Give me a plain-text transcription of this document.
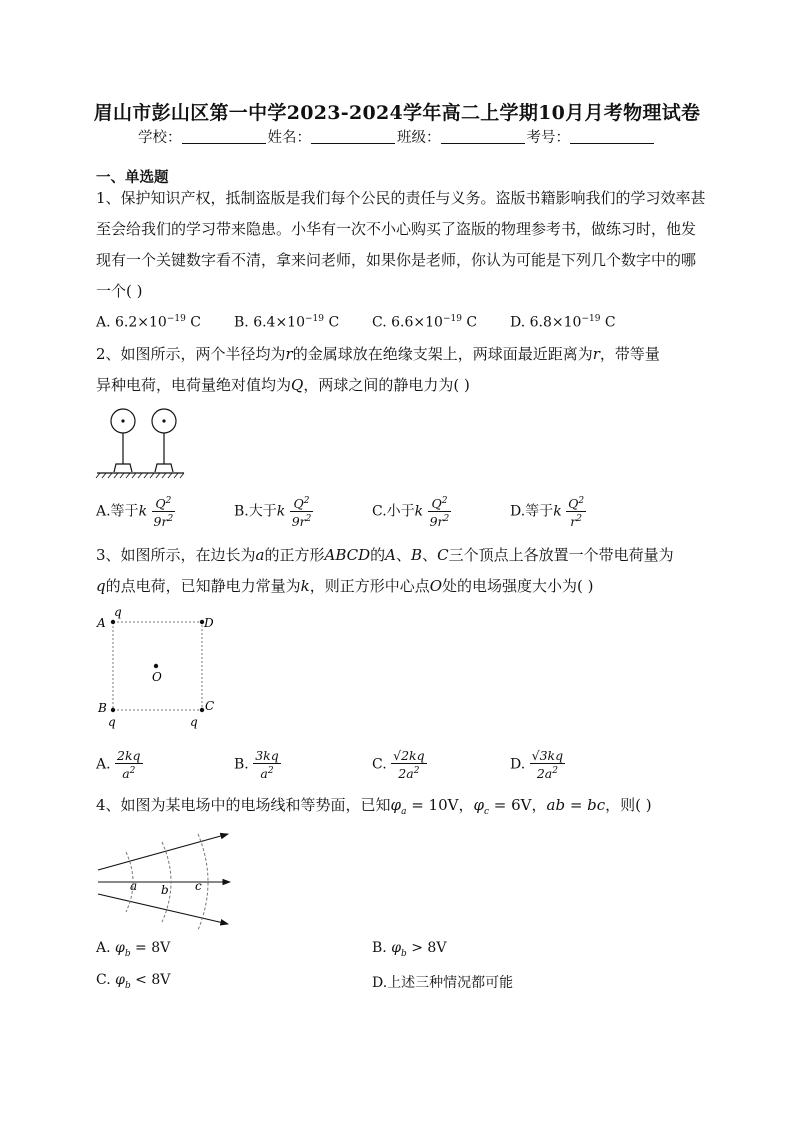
眉山市彭山区第一中学2023-2024学年高二上学期10月月考物理试卷
学校：	姓名：	班级：	考号：
一、单选题
1、保护知识产权，抵制盗版是我们每个公民的责任与义务。盗版书籍影响我们的学习效率甚至会给我们的学习带来隐患。小华有一次不小心购买了盗版的物理参考书，做练习时，他发现有一个关键数字看不清，拿来问老师，如果你是老师，你认为可能是下列几个数字中的哪一个( )
A. $6.2\times 10^{-19}$ C B. $6.4\times 10^{-19}$ C C. $6.6\times 10^{-19}$ C D. $6.8\times 10^{-19}$ C
2、如图所示，两个半径均为r的金属球放在绝缘支架上，两球面最近距离为r，带等量
异种电荷，电荷量绝对值均为Q，两球之间的静电力为( )
A.等于k $\frac{Q^2}{9r^2}$	B.大于k $\frac{Q^2}{9r^2}$	C.小于k $\frac{Q^2}{9r^2}$	D.等于k $\frac{Q^2}{r^2}$
3、如图所示，在边长为a的正方形ABCD的A、B、C三个顶点上各放置一个带电荷量为
q的点电荷，已知静电力常量为k，则正方形中心点O处的电场强度大小为( )
q
A	D
O
B	C
q	q
A. $\frac{2kq}{a^2}$	B. $\frac{3kq}{a^2}$	C. $\frac{√2kq}{2a^2}$	D. $\frac{√3kq}{2a^2}$
4、如图为某电场中的电场线和等势面，已知$\varphi_a = 10V$，$\varphi_c = 6V$，ab = bc，则( )
a b c
A. $\varphi_b = 8V$	B. $\varphi_b > 8V$
C. $\varphi_b < 8V$	D.上述三种情况都可能
